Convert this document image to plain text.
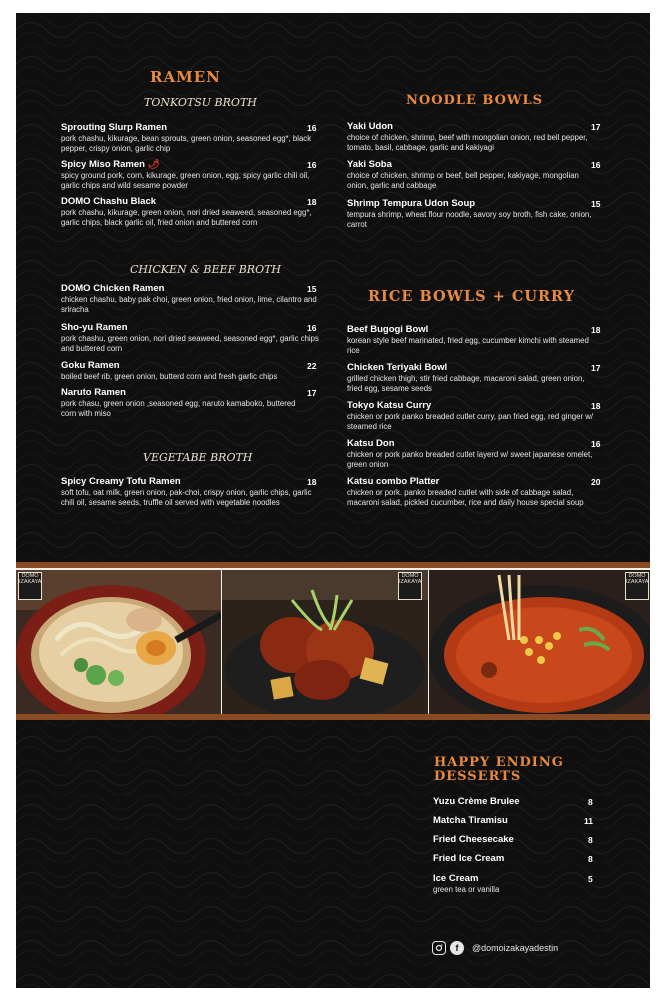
RAMEN
TONKOTSU BROTH
Sprouting Slurp Ramen
pork chashu, kikurage, bean sprouts, green onion, seasoned egg*, black pepper, crispy onion, garlic chip
16
Spicy Miso Ramen 🌶
spicy ground pork, corn, kikurage, green onion, egg, spicy garlic chili oil, garlic chips and wild sesame powder
16
DOMO Chashu Black
pork chashu, kikurage, green onion, nori dried seaweed, seasoned egg*, garlic chips, black garlic oil, fried onion and buttered corn
18
CHICKEN & BEEF BROTH
DOMO Chicken Ramen
chicken chashu, baby pak choi, green onion, fried onion, lime, cilantro and sriracha
15
Sho-yu Ramen
pork chashu, green onion, nori dried seaweed, seasoned egg*, garlic chips and buttered corn
16
Goku Ramen
boiled beef rib, green onion, butterd corn and fresh garlic chips
22
Naruto Ramen
pork chasu, green onion ,seasoned egg, naruto kamaboko, buttered corn with miso
17
VEGETABE BROTH
Spicy Creamy Tofu Ramen
soft tofu, oat milk, green onion, pak-choi, crispy onion, garlic chips, garlic chili oil, sesame seeds, truffle oil served with vegetable noodles
18
NOODLE BOWLS
Yaki Udon
choice of chicken, shrimp, beef with mongolian onion, red bell pepper, tomato, basil, cabbage, garlic and kakiyagi
17
Yaki Soba
choice of chicken, shrimp or beef, bell pepper, kakiyage, mongolian onion, garlic and cabbage
16
Shrimp Tempura Udon Soup
tempura shrimp, wheat flour noodle, savory soy broth, fish cake, onion, carrot
15
RICE BOWLS + CURRY
Beef Bugogi Bowl
korean style beef marinated, fried egg, cucumber kimchi with steamed rice
18
Chicken Teriyaki Bowl
grilled chicken thigh, stir fried cabbage, macaroni salad, green onion, fried egg, sesame seeds
17
Tokyo Katsu Curry
chicken or pork panko breaded cutlet curry, pan fried egg, red ginger w/ steamed rice
18
Katsu Don
chicken or pork panko breaded cutlet layerd w/ sweet japanese omelet, green onion
16
Katsu combo Platter
chicken or pork. panko breaded cutlet with side of cabbage salad, macaroni salad, pickled cucumber, rice and daily house special soup
20
DOMO
IZAKAYA
DOMO
IZAKAYA
DOMO
IZAKAYA
HAPPY ENDING
DESSERTS
Yuzu Crème Brulee	8
Matcha Tiramisu	11
Fried Cheesecake	8
Fried Ice Cream	8
Ice Cream
green tea or vanilla
5
f	@domoizakayadestin
